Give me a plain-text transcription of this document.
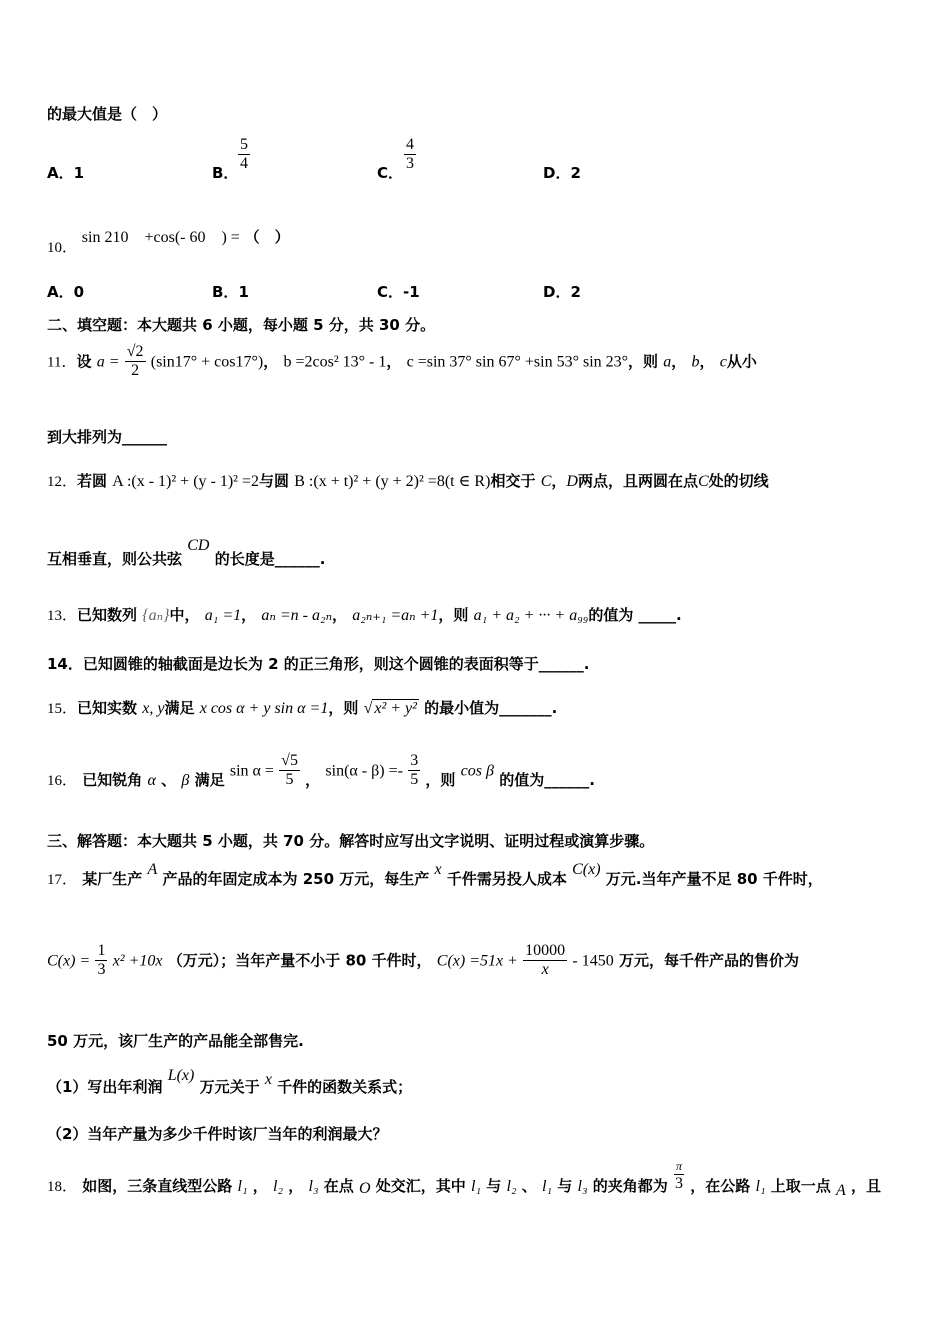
的最大值是（　）
A．1	B． $\frac{5}{4}$	C． $\frac{4}{3}$	D．2
10． sin 210　+cos(- 60　) = （　）
A．0	B．1	C．-1	D．2
二、填空题：本大题共 6 小题，每小题 5 分，共 30 分。
11．设 $a = \frac{√2}{2} (\sin 17^\circ + \cos 17^\circ)$， b =2cos² 13° - 1， c =sin 37° sin 67° +sin 53° sin 23°，则 a， b， c从小
到大排列为______
12．若圆 A :(x - 1)² + (y - 1)² =2与圆 B :(x + t)² + (y + 2)² =8(t ∈ R)相交于 C，D两点，且两圆在点C处的切线
互相垂直，则公共弦 CD 的长度是______.
13．已知数列 {aₙ}中， a₁ =1， aₙ =n - a₂ₙ， a₂ₙ₊₁ =aₙ +1，则 a₁ + a₂ + ··· + a₉₉的值为 _____.
14．已知圆锥的轴截面是边长为 2 的正三角形，则这个圆锥的表面积等于______.
15．已知实数 x, y满足 x cos α + y sin α =1，则 √ x² + y² 的最小值为_______.
16． 已知锐角 α 、 β 满足 $\sin \alpha = \frac{√5}{5}$ ， $\sin(\alpha - \beta) =- \frac{3}{5}$ ，则 cos β 的值为______.
三、解答题：本大题共 5 小题，共 70 分。解答时应写出文字说明、证明过程或演算步骤。
17． 某厂生产 A 产品的年固定成本为 250 万元，每生产 x 千件需另投人成本 C(x) 万元.当年产量不足 80 千件时，
$C(x) = \frac{1}{3} x^2 +10x$ （万元）；当年产量不小于 80 千件时， $C(x) =51x + \frac{10000}{x} - 1450$ 万元，每千件产品的售价为
50 万元，该厂生产的产品能全部售完.
（1）写出年利润 L(x) 万元关于 x 千件的函数关系式；
（2）当年产量为多少千件时该厂当年的利润最大？
18． 如图，三条直线型公路 l₁ ， l₂ ， l₃ 在点 O 处交汇，其中 l₁ 与 l₂ 、 l₁ 与 l₃ 的夹角都为 $\frac{\pi}{3}$ ，在公路 l₁ 上取一点 A ，且
